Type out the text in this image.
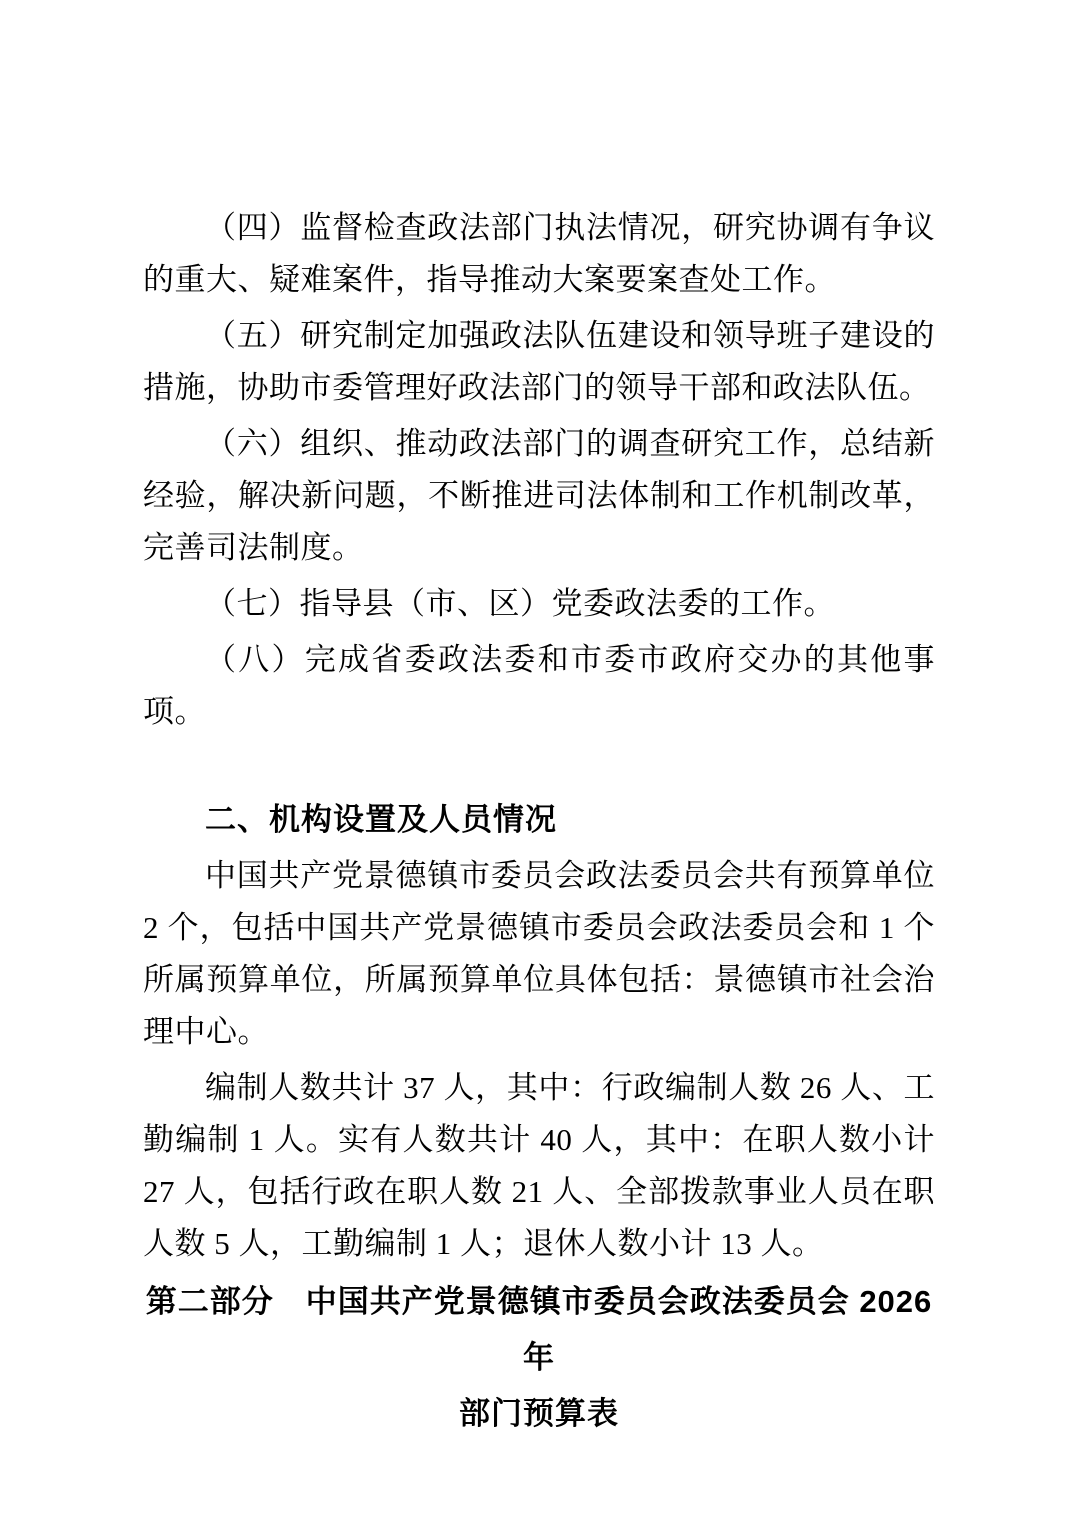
（四）监督检查政法部门执法情况，研究协调有争议的重大、疑难案件，指导推动大案要案查处工作。

（五）研究制定加强政法队伍建设和领导班子建设的措施，协助市委管理好政法部门的领导干部和政法队伍。

（六）组织、推动政法部门的调查研究工作，总结新经验，解决新问题，不断推进司法体制和工作机制改革，完善司法制度。

（七）指导县（市、区）党委政法委的工作。

（八）完成省委政法委和市委市政府交办的其他事项。

二、机构设置及人员情况

中国共产党景德镇市委员会政法委员会共有预算单位 2 个，包括中国共产党景德镇市委员会政法委员会和 1 个所属预算单位，所属预算单位具体包括：景德镇市社会治理中心。

编制人数共计 37 人，其中：行政编制人数 26 人、工勤编制 1 人。实有人数共计 40 人，其中：在职人数小计 27 人，包括行政在职人数 21 人、全部拨款事业人员在职人数 5 人，工勤编制 1 人；退休人数小计 13 人。

第二部分　中国共产党景德镇市委员会政法委员会 2026 年
部门预算表
